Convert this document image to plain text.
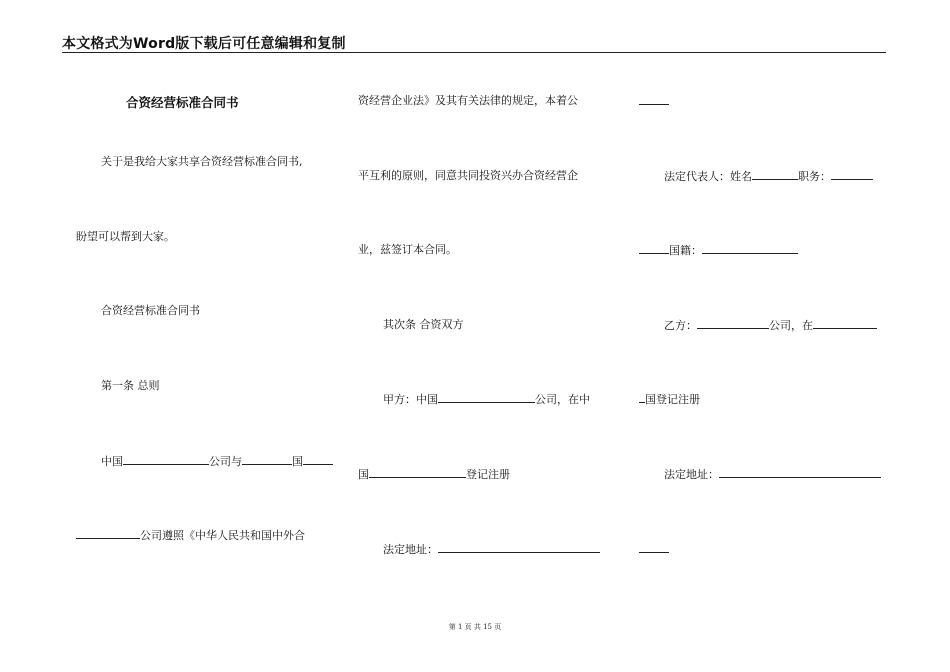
本文格式为Word版下载后可任意编辑和复制
合资经营标准合同书
关于是我给大家共享合资经营标准合同书,
盼望可以帮到大家。
合资经营标准合同书
第一条 总则
中国	公司与	国
公司遵照《中华人民共和国中外合
资经营企业法》及其有关法律的规定，本着公
平互利的原则，同意共同投资兴办合资经营企
业，兹签订本合同。
其次条 合资双方
甲方：中国	公司，在中
国	登记注册
法定地址：
法定代表人：姓名	职务：
国籍：
乙方：	公司，在
国登记注册
法定地址：
第 1 页 共 15 页
